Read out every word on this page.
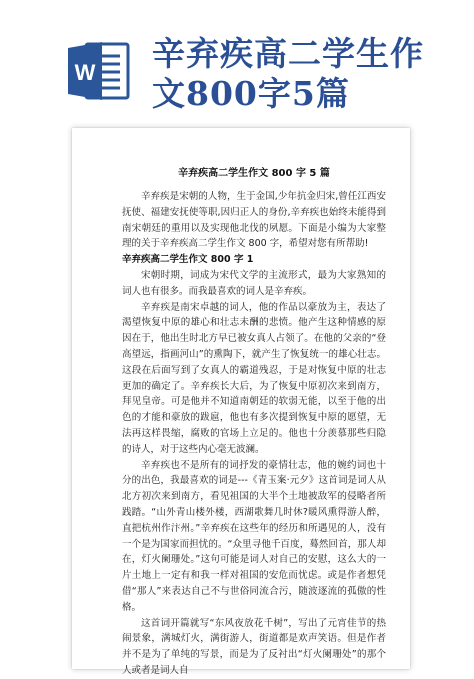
W 辛弃疾高二学生作
文800字5篇
辛弃疾高二学生作文 800 字 5 篇

辛弃疾是宋朝的人物，生于金国,少年抗金归宋,曾任江西安抚使、福建安抚使等职,因归正人的身份,辛弃疾也始终未能得到南宋朝廷的重用以及实现他北伐的夙愿。下面是小编为大家整理的关于辛弃疾高二学生作文 800 字，希望对您有所帮助!

辛弃疾高二学生作文 800 字 1

宋朝时期，词成为宋代文学的主流形式，最为大家熟知的词人也有很多。而我最喜欢的词人是辛弃疾。

辛弃疾是南宋卓越的词人，他的作品以豪放为主，表达了渴望恢复中原的雄心和壮志未酬的悲愤。他产生这种情感的原因在于，他出生时北方早已被女真人占领了。在他的父亲的“登高望远，指画河山”的熏陶下，就产生了恢复统一的雄心壮志。这段在后面写到了女真人的霸道残忍，于是对恢复中原的壮志更加的确定了。辛弃疾长大后，为了恢复中原初次来到南方，拜见皇帝。可是他并不知道南朝廷的软弱无能，以至于他的出色的才能和豪放的跋扈，他也有多次提到恢复中原的愿望，无法再这样畏缩，腐败的官场上立足的。他也十分羡慕那些归隐的诗人，对于这些内心毫无波澜。

辛弃疾也不是所有的词抒发的豪情壮志，他的婉约词也十分的出色，我最喜欢的词是---《青玉案·元夕》这首词是词人从北方初次来到南方，看见祖国的大半个土地被敌军的侵略者所践踏。“山外青山楼外楼，西湖歌舞几时休?暖风熏得游人醉，直把杭州作汴州。”辛弃疾在这些年的经历和所遇见的人，没有一个是为国家而担忧的。“众里寻他千百度，蓦然回首，那人却在，灯火阑珊处。”这句可能是词人对自己的安慰，这么大的一片土地上一定有和我一样对祖国的安危而忧虑。或是作者想凭借“那人”来表达自己不与世俗同流合污，随波逐流的孤傲的性格。

这首词开篇就写“东风夜放花千树”，写出了元宵佳节的热闹景象，满城灯火，满街游人，街道都是欢声笑语。但是作者并不是为了单纯的写景，而是为了反衬出“灯火阑珊处”的那个人或者是词人自
